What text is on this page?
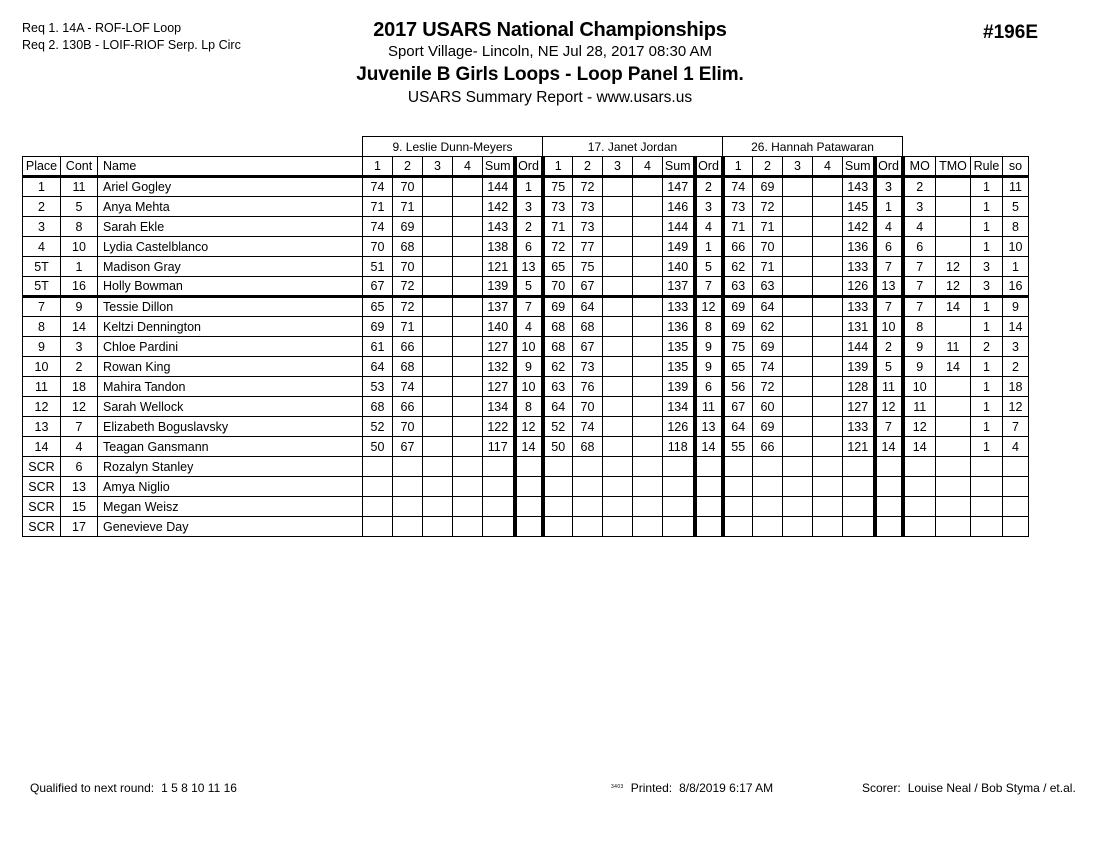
Req 1. 14A - ROF-LOF Loop
Req 2. 130B - LOIF-RIOF Serp. Lp Circ
2017 USARS National Championships
Sport Village- Lincoln, NE Jul 28, 2017 08:30 AM
Juvenile B Girls Loops - Loop Panel 1 Elim.
USARS Summary Report - www.usars.us
#196E
			9. Leslie Dunn-Meyers						17. Janet Jordan						26. Hannah Patawaran									
Place	Cont	Name	1	2	3	4	Sum	Ord	1	2	3	4	Sum	Ord	1	2	3	4	Sum	Ord	MO	TMO	Rule	so
1	11	Ariel Gogley	74	70			144	1	75	72			147	2	74	69			143	3	2		1	11
2	5	Anya Mehta	71	71			142	3	73	73			146	3	73	72			145	1	3		1	5
3	8	Sarah Ekle	74	69			143	2	71	73			144	4	71	71			142	4	4		1	8
4	10	Lydia Castelblanco	70	68			138	6	72	77			149	1	66	70			136	6	6		1	10
5T	1	Madison Gray	51	70			121	13	65	75			140	5	62	71			133	7	7	12	3	1
5T	16	Holly Bowman	67	72			139	5	70	67			137	7	63	63			126	13	7	12	3	16
7	9	Tessie Dillon	65	72			137	7	69	64			133	12	69	64			133	7	7	14	1	9
8	14	Keltzi Dennington	69	71			140	4	68	68			136	8	69	62			131	10	8		1	14
9	3	Chloe Pardini	61	66			127	10	68	67			135	9	75	69			144	2	9	11	2	3
10	2	Rowan King	64	68			132	9	62	73			135	9	65	74			139	5	9	14	1	2
11	18	Mahira Tandon	53	74			127	10	63	76			139	6	56	72			128	11	10		1	18
12	12	Sarah Wellock	68	66			134	8	64	70			134	11	67	60			127	12	11		1	12
13	7	Elizabeth Boguslavsky	52	70			122	12	52	74			126	13	64	69			133	7	12		1	7
14	4	Teagan Gansmann	50	67			117	14	50	68			118	14	55	66			121	14	14		1	4
SCR	6	Rozalyn Stanley																						
SCR	13	Amya Niglio																						
SCR	15	Megan Weisz																						
SCR	17	Genevieve Day																						
Qualified to next round: 1 5 8 10 11 16	$^{3403}$ Printed: 8/8/2019 6:17 AM	Scorer: Louise Neal / Bob Styma / et.al.
